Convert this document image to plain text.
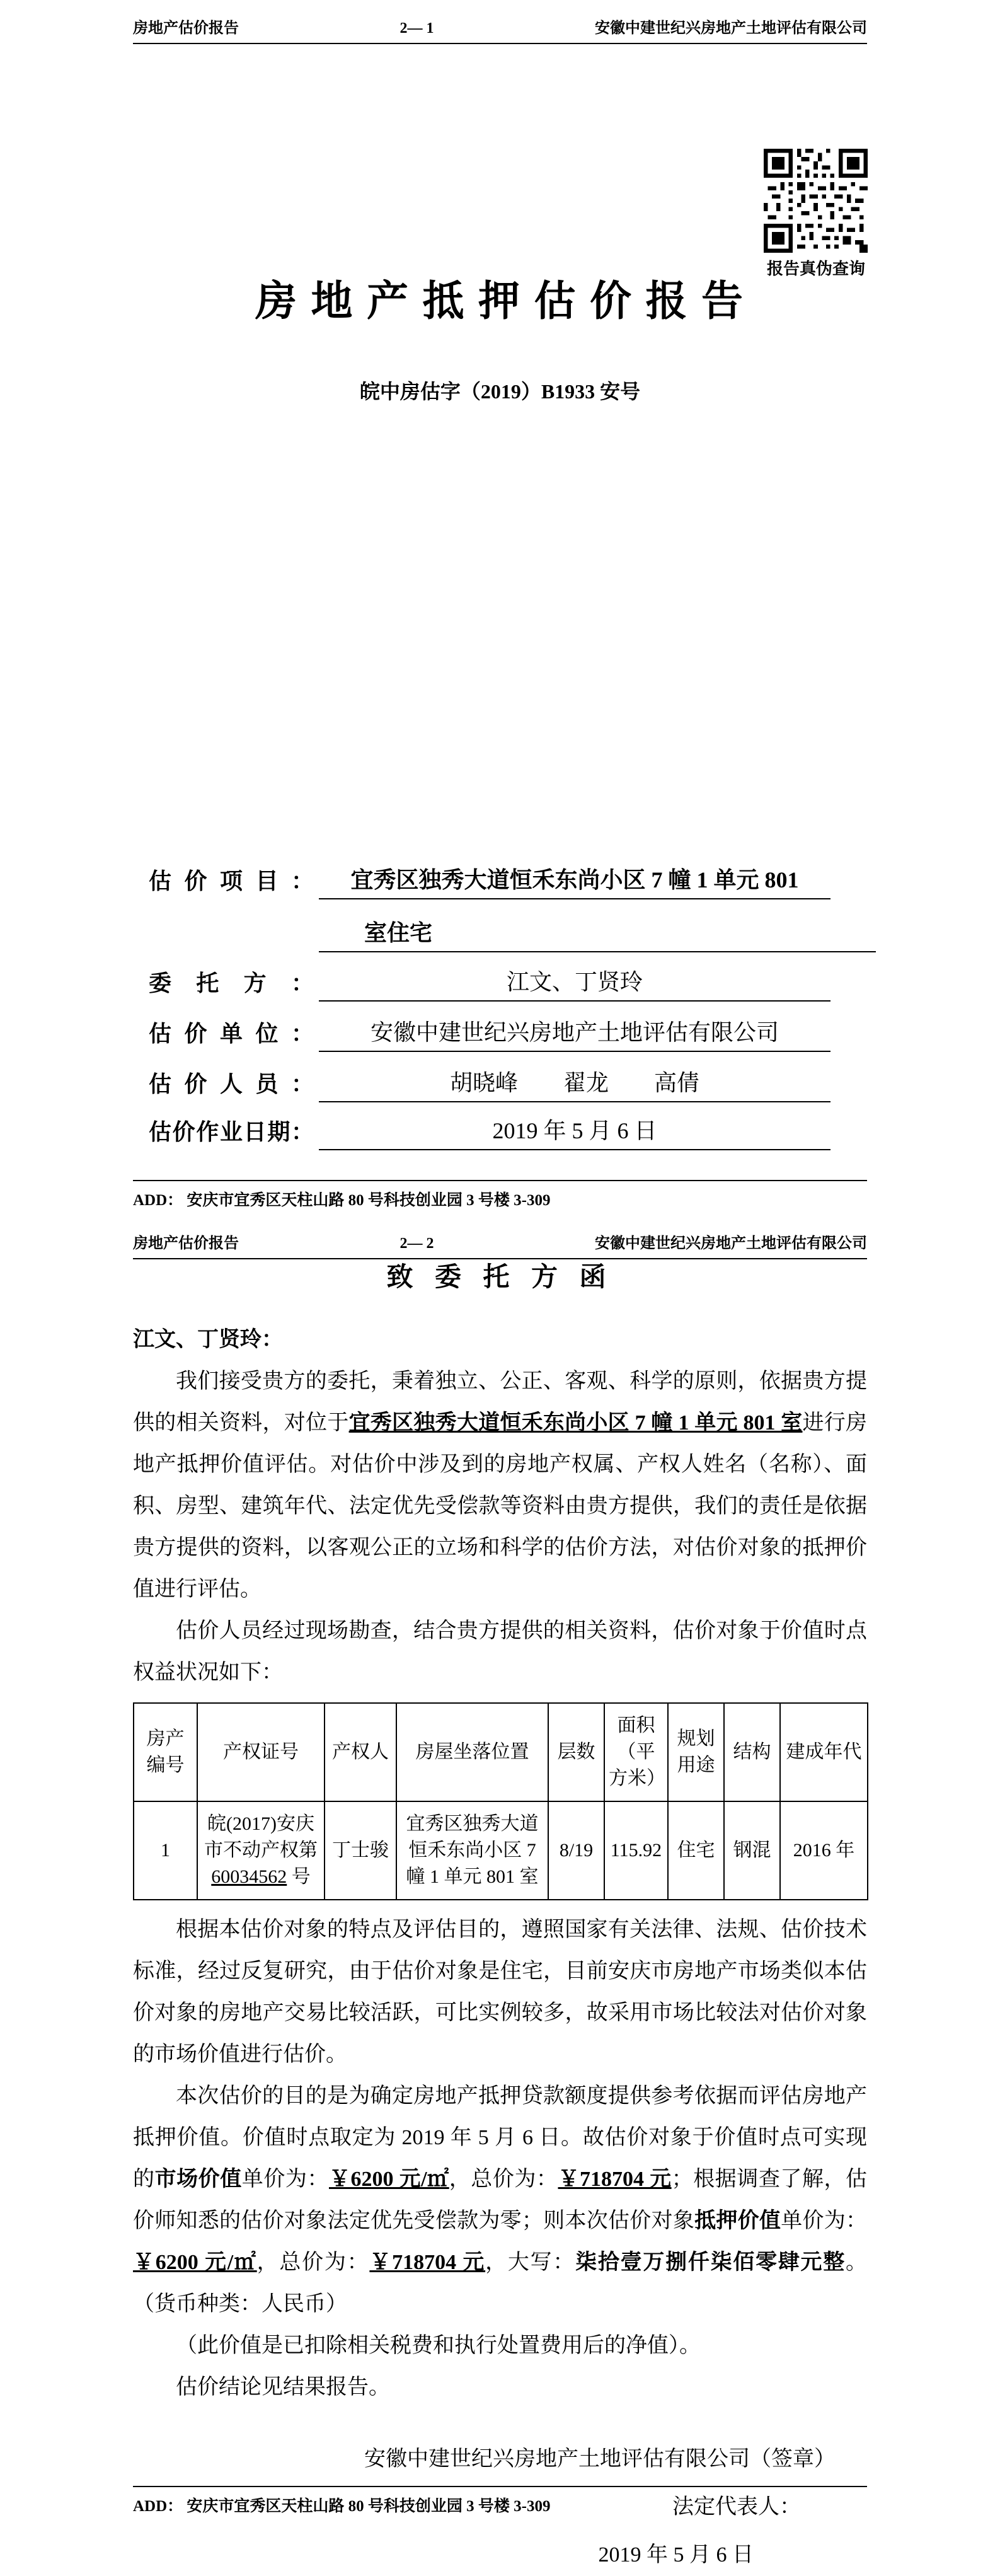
房地产估价报告	2— 1	安徽中建世纪兴房地产土地评估有限公司
报告真伪查询
房 地 产 抵 押 估 价 报 告
皖中房估字（2019）B1933 安号
估价项目： 宜秀区独秀大道恒禾东尚小区 7 幢 1 单元 801
室住宅
委托方：	江文、丁贤玲
估价单位： 安徽中建世纪兴房地产土地评估有限公司
估价人员：	胡晓峰　　翟龙　　高倩
估价作业日期：	2019 年 5 月 6 日
ADD： 安庆市宜秀区天柱山路 80 号科技创业园 3 号楼 3-309
房地产估价报告	2— 2	安徽中建世纪兴房地产土地评估有限公司
致 委 托 方 函
江文、丁贤玲：

我们接受贵方的委托，秉着独立、公正、客观、科学的原则，依据贵方提供的相关资料，对位于宜秀区独秀大道恒禾东尚小区 7 幢 1 单元 801 室进行房地产抵押价值评估。对估价中涉及到的房地产权属、产权人姓名（名称）、面积、房型、建筑年代、法定优先受偿款等资料由贵方提供，我们的责任是依据贵方提供的资料，以客观公正的立场和科学的估价方法，对估价对象的抵押价值进行评估。

估价人员经过现场勘查，结合贵方提供的相关资料，估价对象于价值时点权益状况如下：

房产编号	产权证号	产权人	房屋坐落位置	层数	面积（平方米）	规划用途	结构	建成年代
1	皖(2017)安庆市不动产权第 60034562 号	丁士骏	宜秀区独秀大道恒禾东尚小区 7 幢 1 单元 801 室	8/19	115.92	住宅	钢混	2016 年

根据本估价对象的特点及评估目的，遵照国家有关法律、法规、估价技术标准，经过反复研究，由于估价对象是住宅，目前安庆市房地产市场类似本估价对象的房地产交易比较活跃，可比实例较多，故采用市场比较法对估价对象的市场价值进行估价。

本次估价的目的是为确定房地产抵押贷款额度提供参考依据而评估房地产抵押价值。价值时点取定为 2019 年 5 月 6 日。故估价对象于价值时点可实现的市场价值单价为：￥6200 元/㎡，总价为：￥718704 元；根据调查了解，估价师知悉的估价对象法定优先受偿款为零；则本次估价对象抵押价值单价为：￥6200 元/㎡，总价为：￥718704 元，大写：柒拾壹万捌仟柒佰零肆元整。（货币种类：人民币）

（此价值是已扣除相关税费和执行处置费用后的净值）。

估价结论见结果报告。

安徽中建世纪兴房地产土地评估有限公司（签章）
法定代表人：
2019 年 5 月 6 日
ADD： 安庆市宜秀区天柱山路 80 号科技创业园 3 号楼 3-309
